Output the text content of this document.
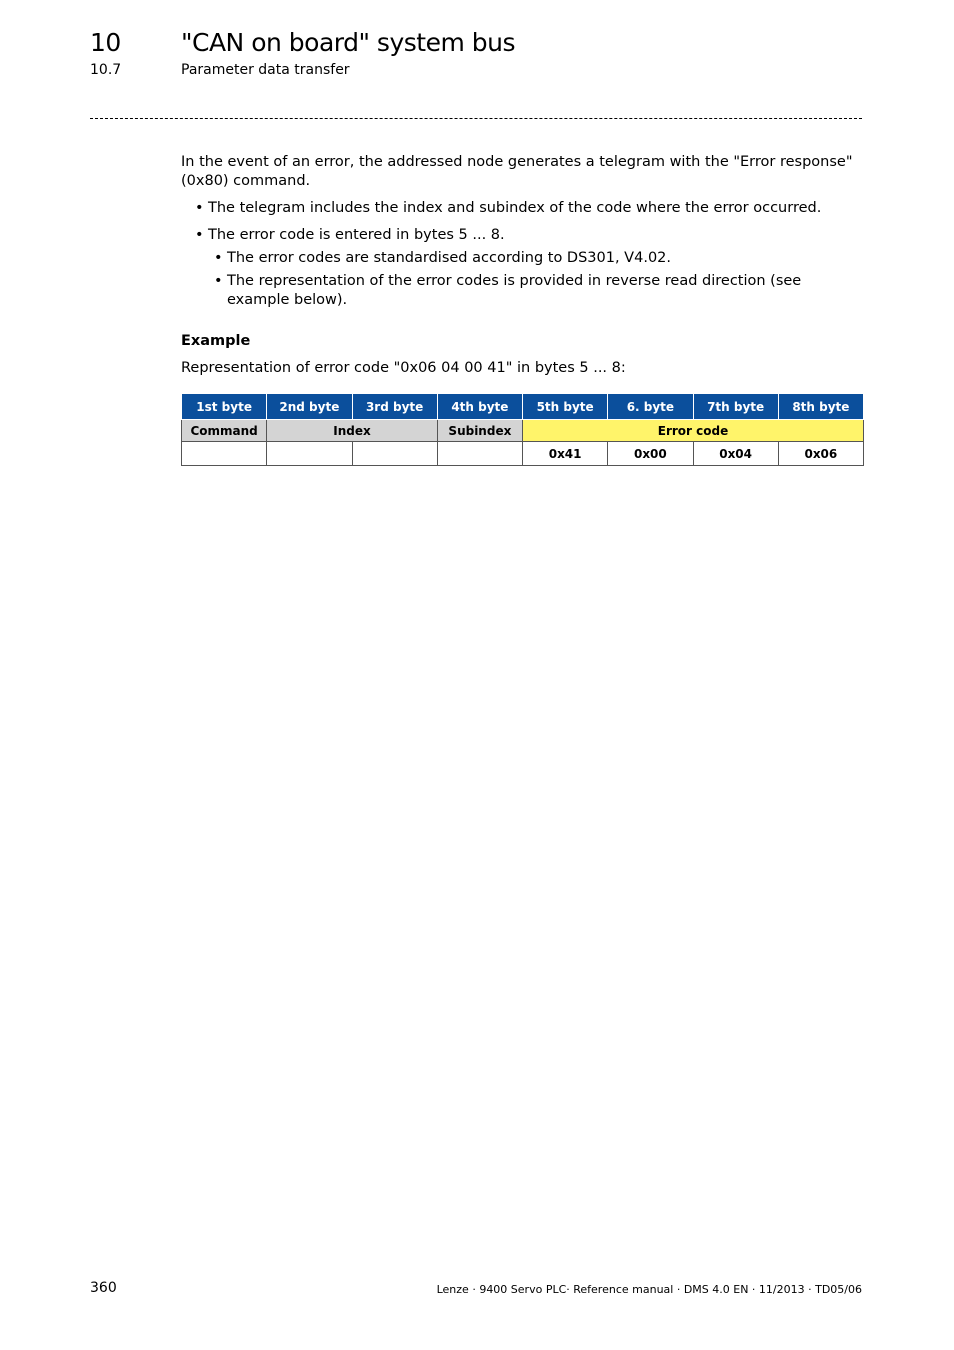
10 "CAN on board" system bus
10.7	Parameter data transfer

In the event of an error, the addressed node generates a telegram with the "Error response" (0x80) command.

• The telegram includes the index and subindex of the code where the error occurred.
• The error code is entered in bytes 5 ... 8.
• The error codes are standardised according to DS301, V4.02.
• The representation of the error codes is provided in reverse read direction (see example below).
Example
Representation of error code "0x06 04 00 41" in bytes 5 ... 8:
1st byte	2nd byte	3rd byte	4th byte	5th byte	6. byte	7th byte	8th byte
Command	Index		Subindex	Error code			
				0x41	0x00	0x04	0x06
360	Lenze · 9400 Servo PLC· Reference manual · DMS 4.0 EN · 11/2013 · TD05/06
